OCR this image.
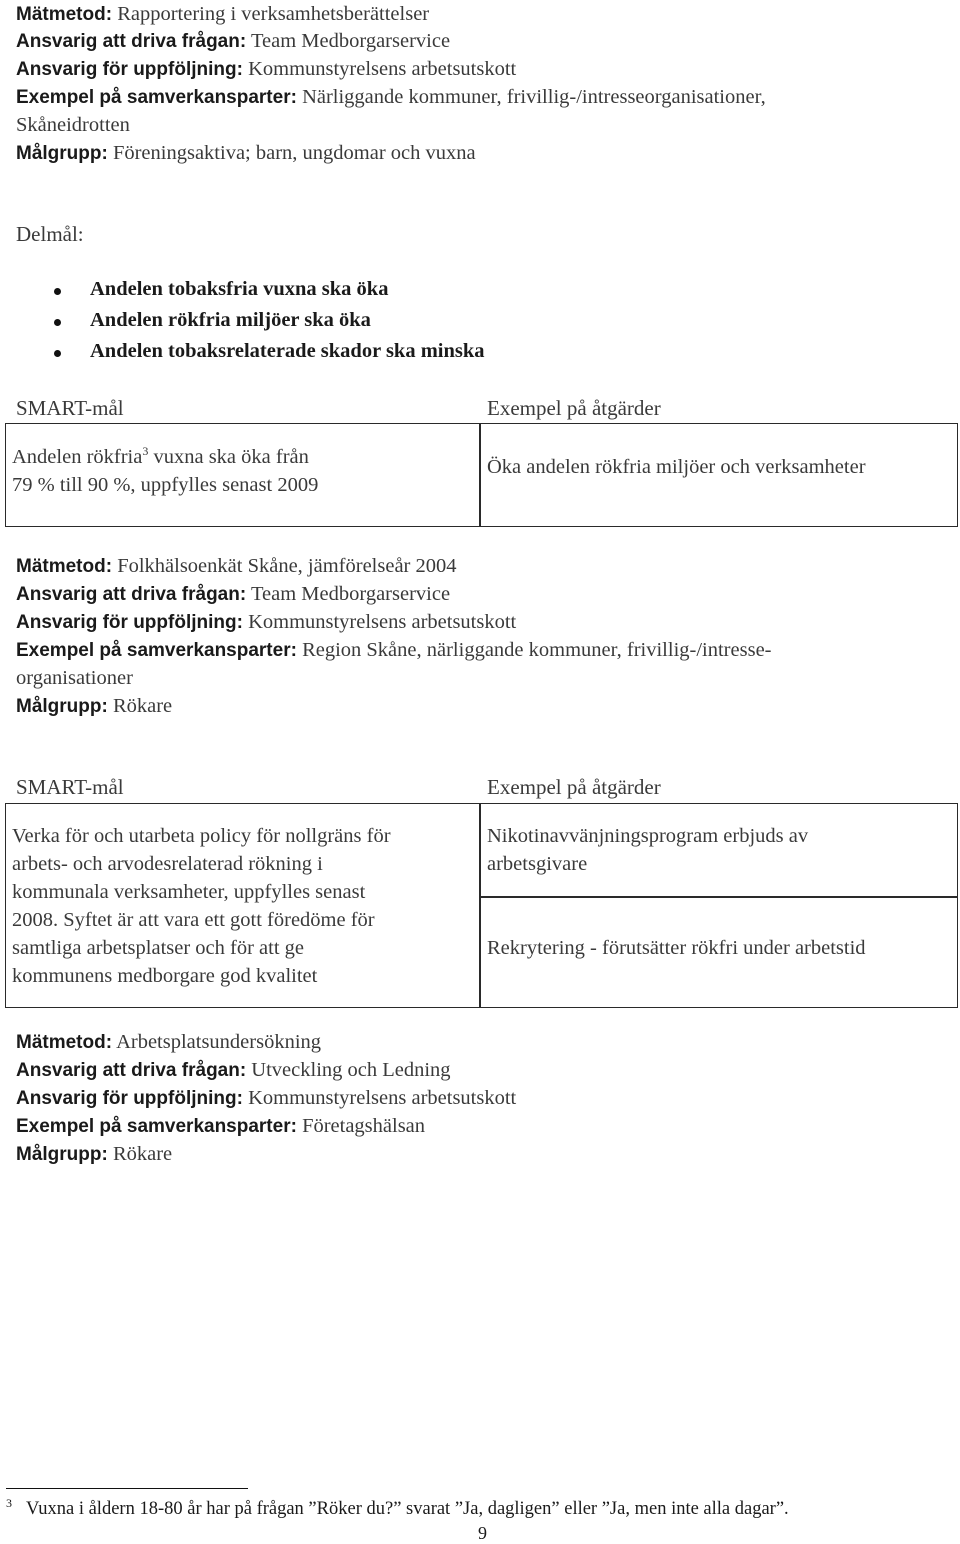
Mätmetod: Rapportering i verksamhetsberättelser
Ansvarig att driva frågan: Team Medborgarservice
Ansvarig för uppföljning: Kommunstyrelsens arbetsutskott
Exempel på samverkansparter: Närliggande kommuner, frivillig-/intresseorganisationer,
Skåneidrotten
Målgrupp: Föreningsaktiva; barn, ungdomar och vuxna
Delmål:
Andelen tobaksfria vuxna ska öka
Andelen rökfria miljöer ska öka
Andelen tobaksrelaterade skador ska minska
SMART-mål	Exempel på åtgärder
Andelen rökfria$^3$ vuxna ska öka från
79 % till 90 %, uppfylles senast 2009
Öka andelen rökfria miljöer och verksamheter
Mätmetod: Folkhälsoenkät Skåne, jämförelseår 2004
Ansvarig att driva frågan: Team Medborgarservice
Ansvarig för uppföljning: Kommunstyrelsens arbetsutskott
Exempel på samverkansparter: Region Skåne, närliggande kommuner, frivillig-/intresse-
organisationer
Målgrupp: Rökare
SMART-mål	Exempel på åtgärder
Verka för och utarbeta policy för nollgräns för
arbets- och arvodesrelaterad rökning i
kommunala verksamheter, uppfylles senast
2008. Syftet är att vara ett gott föredöme för
samtliga arbetsplatser och för att ge
kommunens medborgare god kvalitet
Nikotinavvänjningsprogram erbjuds av
arbetsgivare
Rekrytering - förutsätter rökfri under arbetstid
Mätmetod: Arbetsplatsundersökning
Ansvarig att driva frågan: Utveckling och Ledning
Ansvarig för uppföljning: Kommunstyrelsens arbetsutskott
Exempel på samverkansparter: Företagshälsan
Målgrupp: Rökare
3 Vuxna i åldern 18-80 år har på frågan ”Röker du?” svarat ”Ja, dagligen” eller ”Ja, men inte alla dagar”.
9
